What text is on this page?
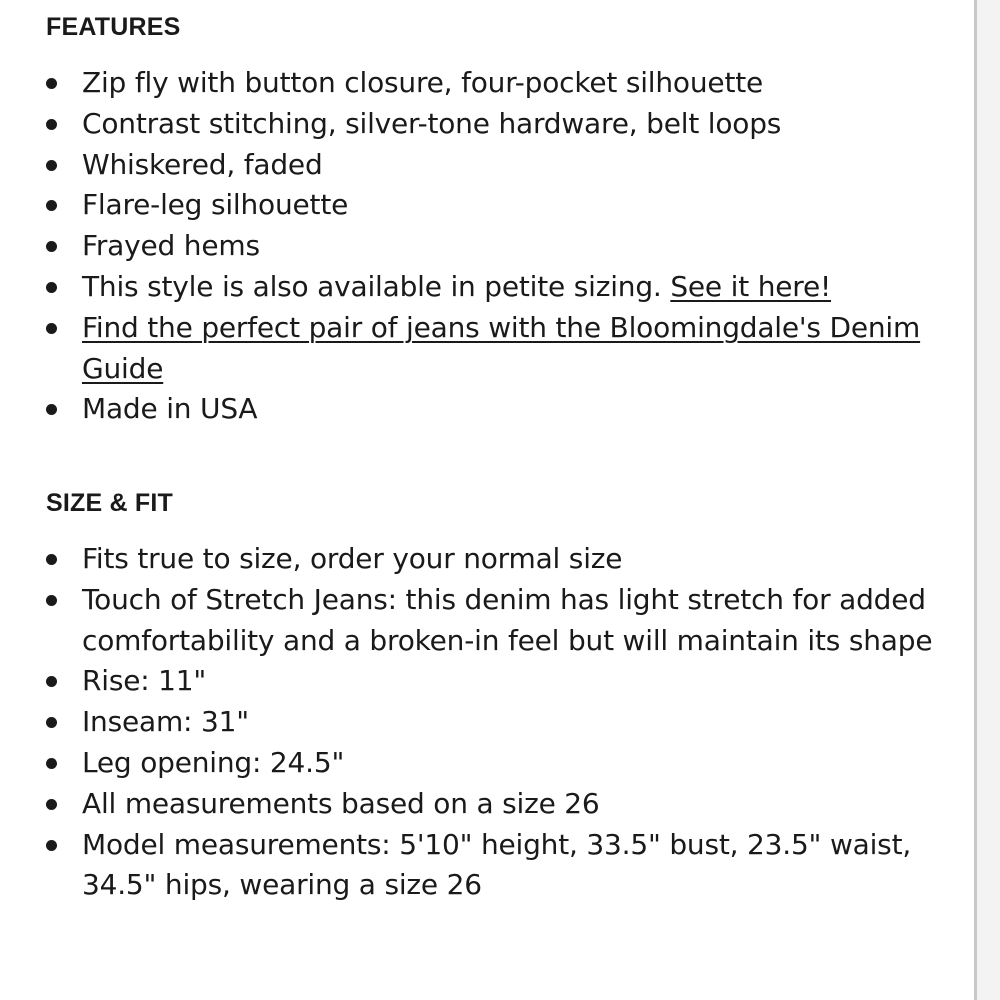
FEATURES
Zip fly with button closure, four-pocket silhouette
Contrast stitching, silver-tone hardware, belt loops
Whiskered, faded
Flare-leg silhouette
Frayed hems
This style is also available in petite sizing. See it here!
Find the perfect pair of jeans with the Bloomingdale's Denim Guide
Made in USA
SIZE & FIT
Fits true to size, order your normal size
Touch of Stretch Jeans: this denim has light stretch for added comfortability and a broken-in feel but will maintain its shape
Rise: 11"
Inseam: 31"
Leg opening: 24.5"
All measurements based on a size 26
Model measurements: 5'10" height, 33.5" bust, 23.5" waist, 34.5" hips, wearing a size 26
